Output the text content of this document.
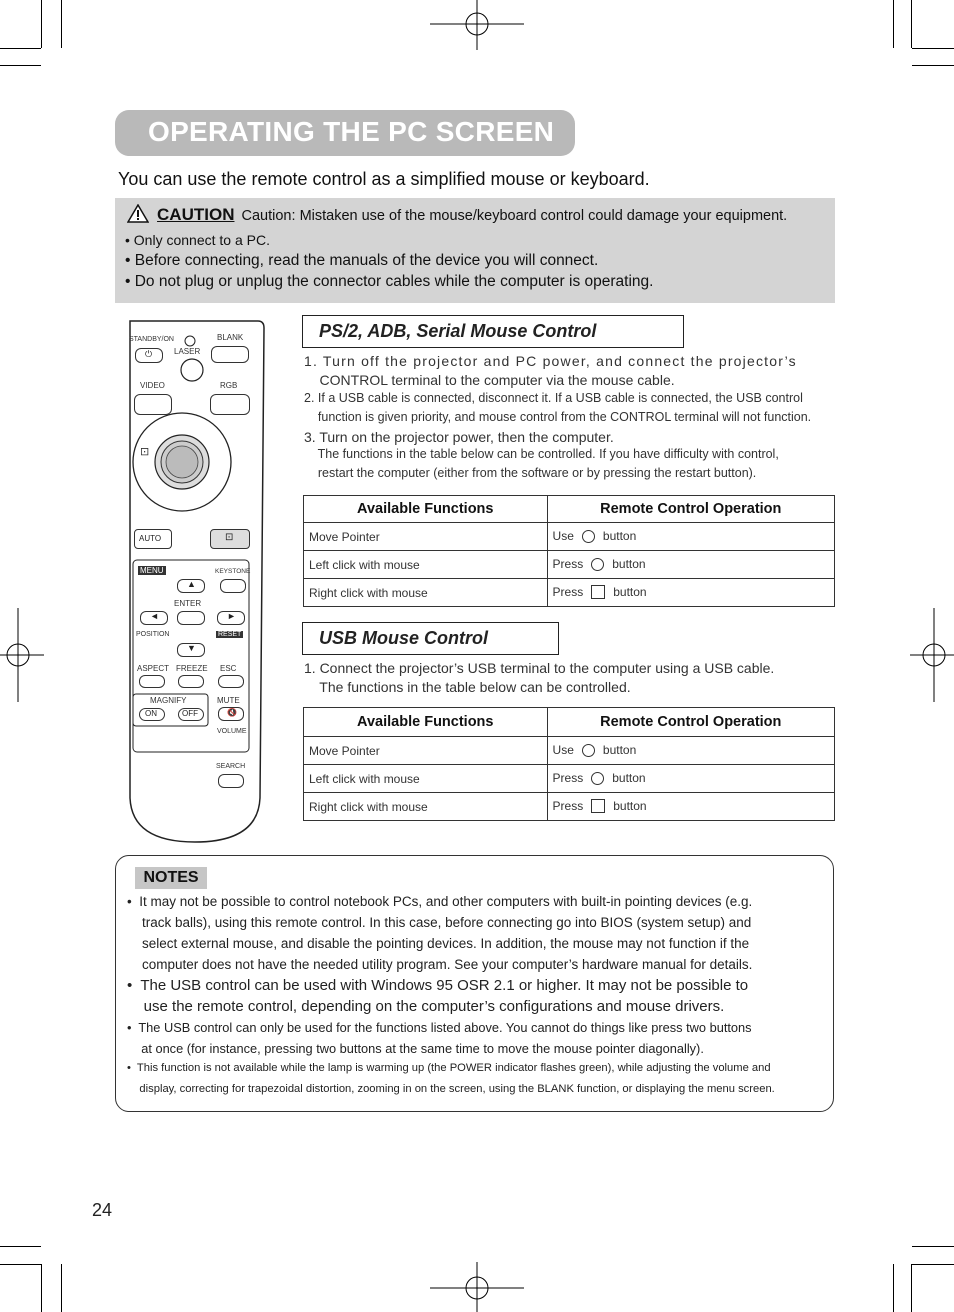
OPERATING THE PC SCREEN
You can use the remote control as a simplified mouse or keyboard.
CAUTION Caution: Mistaken use of the mouse/keyboard control could damage your equipment.
• Only connect to a PC.
• Before connecting, read the manuals of the device you will connect.
• Do not plug or unplug the connector cables while the computer is operating.
STANDBY/ON
⏻	LASER
BLANK
VIDEO	RGB
⊡
AUTO	⊡
MENU	KEYSTONE
▲
ENTER
◄	►
POSITION	RESET
▼
ASPECT FREEZE ESC
MAGNIFY	MUTE
ON	OFF	🔇
VOLUME
SEARCH
PS/2, ADB, Serial Mouse Control
1. Turn off the projector and PC power, and connect the projector’s
CONTROL terminal to the computer via the mouse cable.
2. If a USB cable is connected, disconnect it. If a USB cable is connected, the USB control
function is given priority, and mouse control from the CONTROL terminal will not function.
3. Turn on the projector power, then the computer.
The functions in the table below can be controlled. If you have difficulty with control,
restart the computer (either from the software or by pressing the restart button).
Available Functions	Remote Control Operation
Move Pointer	Use button
Left click with mouse	Press button
Right click with mouse	Press button
USB Mouse Control
1. Connect the projector’s USB terminal to the computer using a USB cable.
The functions in the table below can be controlled.
Available Functions	Remote Control Operation
Move Pointer	Use button
Left click with mouse	Press button
Right click with mouse	Press button
NOTES
•  It may not be possible to control notebook PCs, and other computers with built-in pointing devices (e.g.
track balls), using this remote control. In this case, before connecting go into BIOS (system setup) and
select external mouse, and disable the pointing devices. In addition, the mouse may not function if the
computer does not have the needed utility program. See your computer’s hardware manual for details.
•  The USB control can be used with Windows 95 OSR 2.1 or higher. It may not be possible to
use the remote control, depending on the computer’s configurations and mouse drivers.
•  The USB control can only be used for the functions listed above. You cannot do things like press two buttons
at once (for instance, pressing two buttons at the same time to move the mouse pointer diagonally).
•  This function is not available while the lamp is warming up (the POWER indicator flashes green), while adjusting the volume and
display, correcting for trapezoidal distortion, zooming in on the screen, using the BLANK function, or displaying the menu screen.
24
